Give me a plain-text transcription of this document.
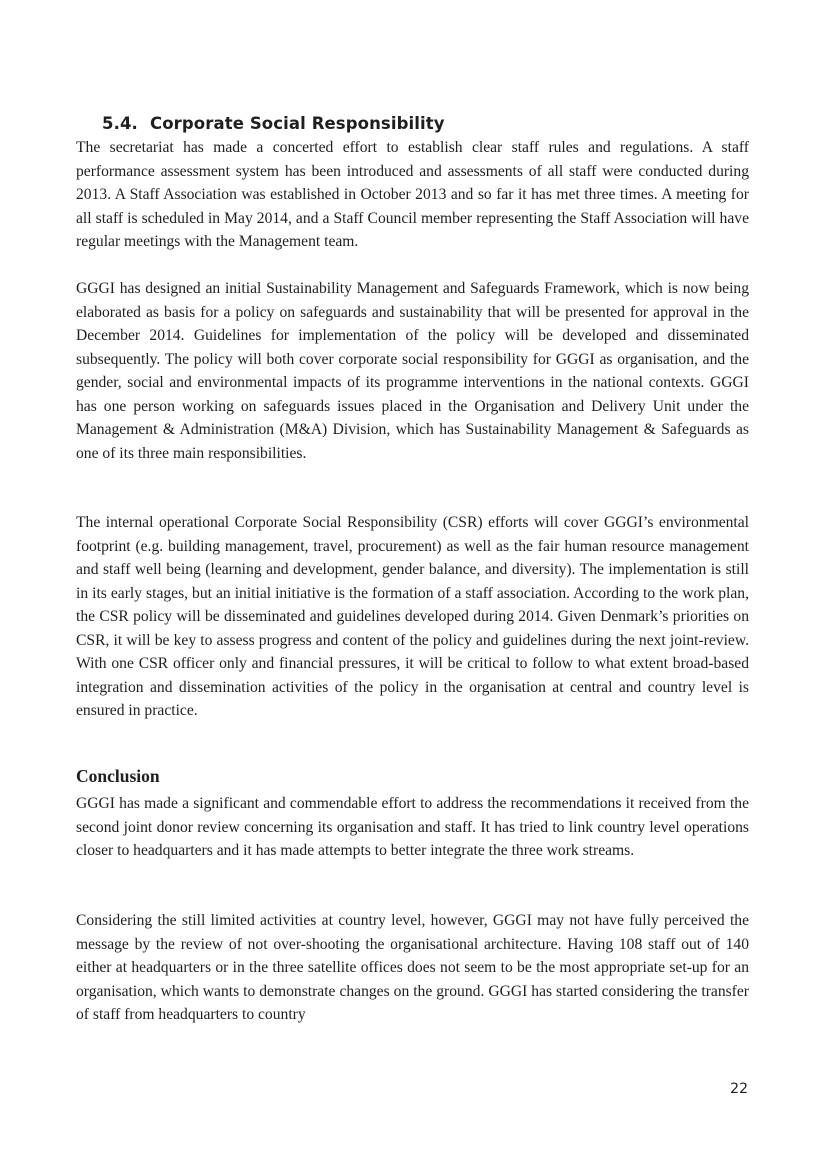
5.4. Corporate Social Responsibility

The secretariat has made a concerted effort to establish clear staff rules and regulations. A staff performance assessment system has been introduced and assessments of all staff were conducted during 2013. A Staff Association was established in October 2013 and so far it has met three times. A meeting for all staff is scheduled in May 2014, and a Staff Council member representing the Staff Association will have regular meetings with the Management team.

GGGI has designed an initial Sustainability Management and Safeguards Framework, which is now being elaborated as basis for a policy on safeguards and sustainability that will be presented for approval in the December 2014. Guidelines for implementation of the policy will be developed and disseminated subsequently. The policy will both cover corporate social responsibility for GGGI as organisation, and the gender, social and environmental impacts of its programme interventions in the national contexts. GGGI has one person working on safeguards issues placed in the Organisation and Delivery Unit under the Management & Administration (M&A) Division, which has Sustainability Management & Safeguards as one of its three main responsibilities.

The internal operational Corporate Social Responsibility (CSR) efforts will cover GGGI’s environmental footprint (e.g. building management, travel, procurement) as well as the fair human resource management and staff well being (learning and development, gender balance, and diversity). The implementation is still in its early stages, but an initial initiative is the formation of a staff association. According to the work plan, the CSR policy will be disseminated and guidelines developed during 2014. Given Denmark’s priorities on CSR, it will be key to assess progress and content of the policy and guidelines during the next joint-review. With one CSR officer only and financial pressures, it will be critical to follow to what extent broad-based integration and dissemination activities of the policy in the organisation at central and country level is ensured in practice.

Conclusion

GGGI has made a significant and commendable effort to address the recommendations it received from the second joint donor review concerning its organisation and staff. It has tried to link country level operations closer to headquarters and it has made attempts to better integrate the three work streams.

Considering the still limited activities at country level, however, GGGI may not have fully perceived the message by the review of not over-shooting the organisational architecture. Having 108 staff out of 140 either at headquarters or in the three satellite offices does not seem to be the most appropriate set-up for an organisation, which wants to demonstrate changes on the ground. GGGI has started considering the transfer of staff from headquarters to country

22
